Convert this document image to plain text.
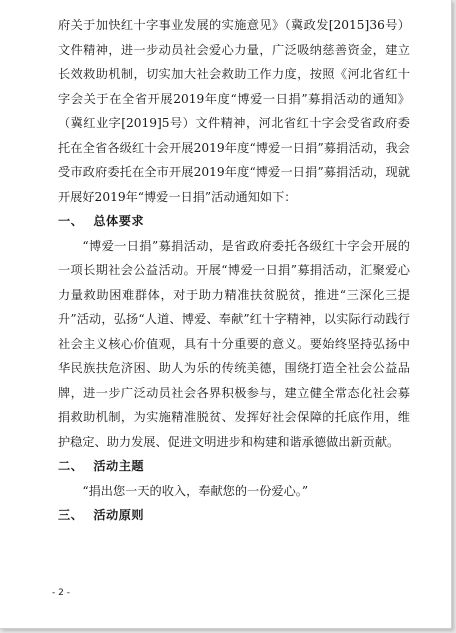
府关于加快红十字事业发展的实施意见》（冀政发[2015]36号）文件精神，进一步动员社会爱心力量，广泛吸纳慈善资金，建立长效救助机制，切实加大社会救助工作力度，按照《河北省红十字会关于在全省开展2019年度“博爱一日捐”募捐活动的通知》（冀红业字[2019]5号）文件精神，河北省红十字会受省政府委托在全省各级红十会开展2019年度“博爱一日捐”募捐活动，我会受市政府委托在全市开展2019年度“博爱一日捐”募捐活动，现就开展好2019年“博爱一日捐”活动通知如下：

一、 总体要求

“博爱一日捐”募捐活动，是省政府委托各级红十字会开展的一项长期社会公益活动。开展“博爱一日捐”募捐活动，汇聚爱心力量救助困难群体，对于助力精准扶贫脱贫，推进“三深化三提升”活动，弘扬“人道、博爱、奉献”红十字精神，以实际行动践行社会主义核心价值观，具有十分重要的意义。要始终坚持弘扬中华民族扶危济困、助人为乐的传统美德，围绕打造全社会公益品牌，进一步广泛动员社会各界积极参与，建立健全常态化社会募捐救助机制，为实施精准脱贫、发挥好社会保障的托底作用，维护稳定、助力发展、促进文明进步和构建和谐承德做出新贡献。

二、 活动主题

“捐出您一天的收入，奉献您的一份爱心。”

三、 活动原则

- 2 -
